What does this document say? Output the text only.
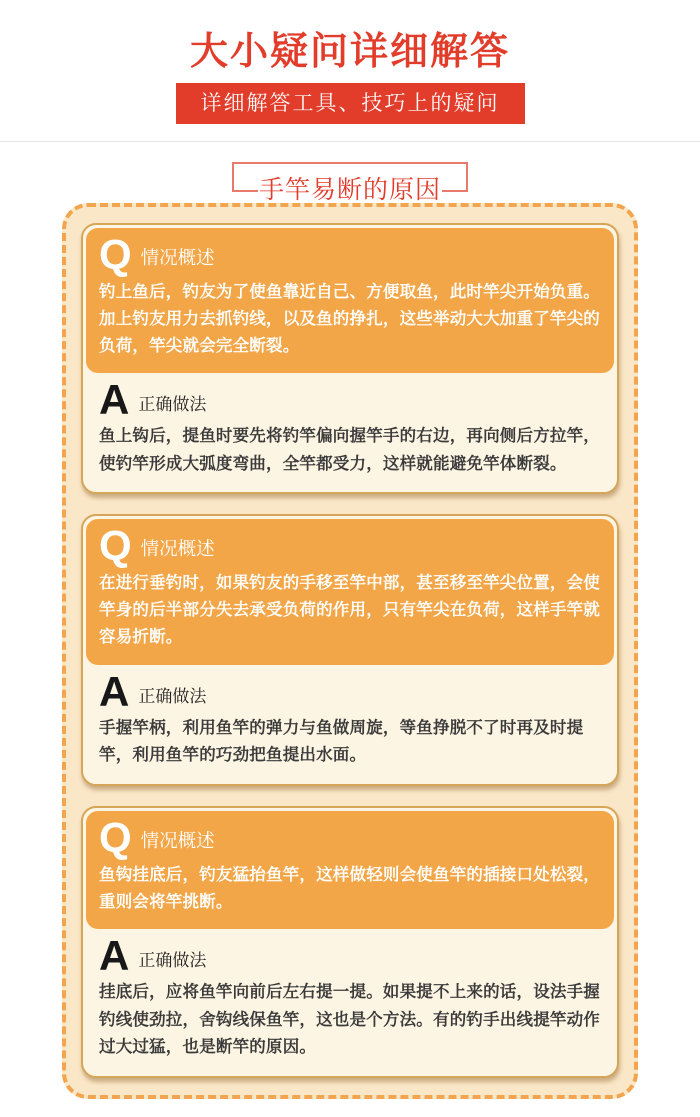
大小疑问详细解答
详细解答工具、技巧上的疑问
手竿易断的原因
Q 情况概述

钓上鱼后，钓友为了使鱼靠近自己、方便取鱼，此时竿尖开始负重。加上钓友用力去抓钓线，以及鱼的挣扎，这些举动大大加重了竿尖的负荷，竿尖就会完全断裂。

A 正确做法

鱼上钩后，提鱼时要先将钓竿偏向握竿手的右边，再向侧后方拉竿，使钓竿形成大弧度弯曲，全竿都受力，这样就能避免竿体断裂。

Q 情况概述

在进行垂钓时，如果钓友的手移至竿中部，甚至移至竿尖位置，会使竿身的后半部分失去承受负荷的作用，只有竿尖在负荷，这样手竿就容易折断。

A 正确做法

手握竿柄，利用鱼竿的弹力与鱼做周旋，等鱼挣脱不了时再及时提竿，利用鱼竿的巧劲把鱼提出水面。

Q 情况概述

鱼钩挂底后，钓友猛抬鱼竿，这样做轻则会使鱼竿的插接口处松裂，重则会将竿挑断。

A 正确做法

挂底后，应将鱼竿向前后左右提一提。如果提不上来的话，设法手握钓线使劲拉，舍钩线保鱼竿，这也是个方法。有的钓手出线提竿动作过大过猛，也是断竿的原因。
